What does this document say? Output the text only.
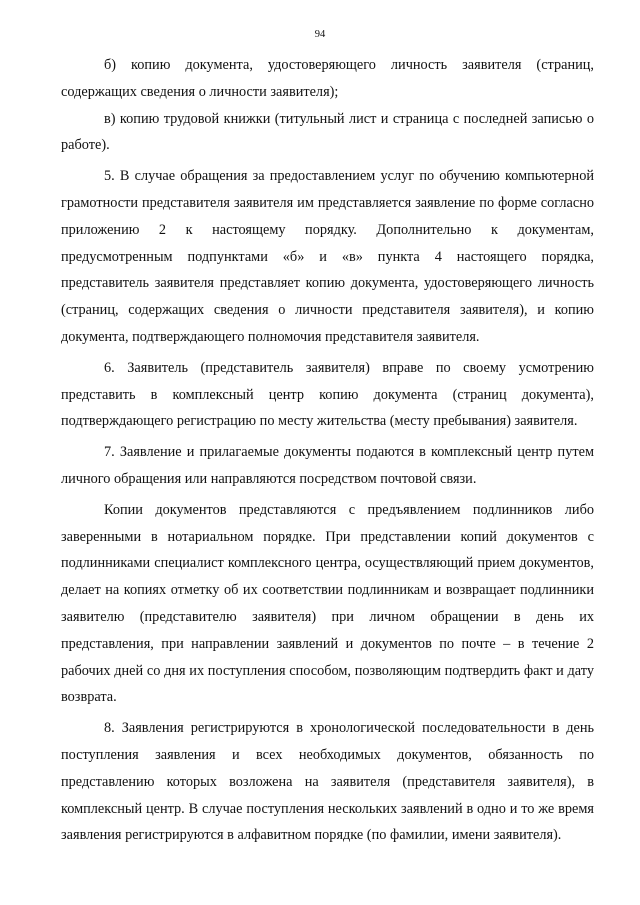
94

б) копию документа, удостоверяющего личность заявителя (страниц, содержащих сведения о личности заявителя);

в) копию трудовой книжки (титульный лист и страница с последней записью о работе).

5. В случае обращения за предоставлением услуг по обучению компьютерной грамотности представителя заявителя им представляется заявление по форме согласно приложению 2 к настоящему порядку. Дополнительно к документам, предусмотренным подпунктами «б» и «в» пункта 4 настоящего порядка, представитель заявителя представляет копию документа, удостоверяющего личность (страниц, содержащих сведения о личности представителя заявителя), и копию документа, подтверждающего полномочия представителя заявителя.

6. Заявитель (представитель заявителя) вправе по своему усмотрению представить в комплексный центр копию документа (страниц документа), подтверждающего регистрацию по месту жительства (месту пребывания) заявителя.

7. Заявление и прилагаемые документы подаются в комплексный центр путем личного обращения или направляются посредством почтовой связи.

Копии документов представляются с предъявлением подлинников либо заверенными в нотариальном порядке. При представлении копий документов с подлинниками специалист комплексного центра, осуществляющий прием документов, делает на копиях отметку об их соответствии подлинникам и возвращает подлинники заявителю (представителю заявителя) при личном обращении в день их представления, при направлении заявлений и документов по почте – в течение 2 рабочих дней со дня их поступления способом, позволяющим подтвердить факт и дату возврата.

8. Заявления регистрируются в хронологической последовательности в день поступления заявления и всех необходимых документов, обязанность по представлению которых возложена на заявителя (представителя заявителя), в комплексный центр. В случае поступления нескольких заявлений в одно и то же время заявления регистрируются в алфавитном порядке (по фамилии, имени заявителя).
